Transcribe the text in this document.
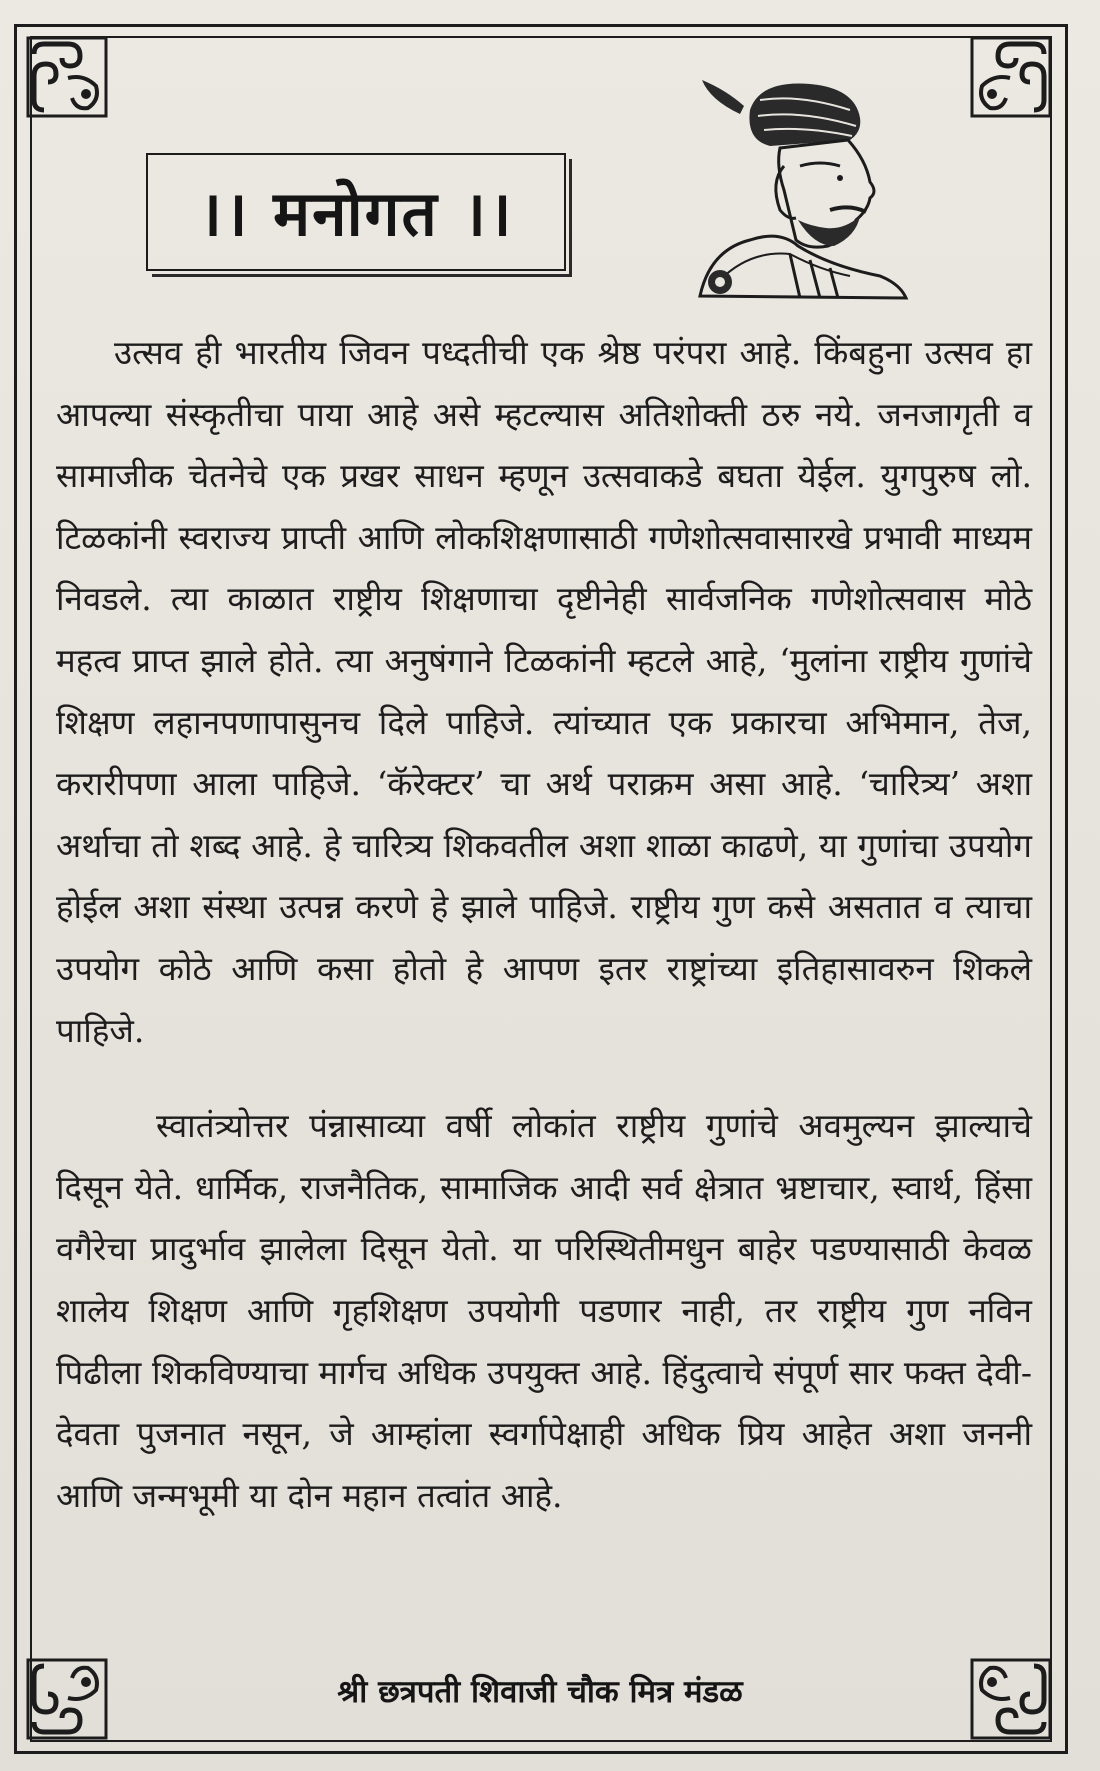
।। मनोगत ।।

उत्सव ही भारतीय जिवन पध्दतीची एक श्रेष्ठ परंपरा आहे. किंबहुना उत्सव हा आपल्या संस्कृतीचा पाया आहे असे म्हटल्यास अतिशोक्ती ठरु नये. जनजागृती व सामाजीक चेतनेचे एक प्रखर साधन म्हणून उत्सवाकडे बघता येईल. युगपुरुष लो. टिळकांनी स्वराज्य प्राप्ती आणि लोकशिक्षणासाठी गणेशोत्सवासारखे प्रभावी माध्यम निवडले. त्या काळात राष्ट्रीय शिक्षणाचा दृष्टीनेही सार्वजनिक गणेशोत्सवास मोठे महत्व प्राप्त झाले होते. त्या अनुषंगाने टिळकांनी म्हटले आहे, ‘मुलांना राष्ट्रीय गुणांचे शिक्षण लहानपणापासुनच दिले पाहिजे. त्यांच्यात एक प्रकारचा अभिमान, तेज, करारीपणा आला पाहिजे. ‘कॅरेक्टर’ चा अर्थ पराक्रम असा आहे. ‘चारित्र्य’ अशा अर्थाचा तो शब्द आहे. हे चारित्र्य शिकवतील अशा शाळा काढणे, या गुणांचा उपयोग होईल अशा संस्था उत्पन्न करणे हे झाले पाहिजे. राष्ट्रीय गुण कसे असतात व त्याचा उपयोग कोठे आणि कसा होतो हे आपण इतर राष्ट्रांच्या इतिहासावरुन शिकले पाहिजे.

स्वातंत्र्योत्तर पंन्नासाव्या वर्षी लोकांत राष्ट्रीय गुणांचे अवमुल्यन झाल्याचे दिसून येते. धार्मिक, राजनैतिक, सामाजिक आदी सर्व क्षेत्रात भ्रष्टाचार, स्वार्थ, हिंसा वगैरेचा प्रादुर्भाव झालेला दिसून येतो. या परिस्थितीमधुन बाहेर पडण्यासाठी केवळ शालेय शिक्षण आणि गृहशिक्षण उपयोगी पडणार नाही, तर राष्ट्रीय गुण नविन पिढीला शिकविण्याचा मार्गच अधिक उपयुक्त आहे. हिंदुत्वाचे संपूर्ण सार फक्त देवी-देवता पुजनात नसून, जे आम्हांला स्वर्गापेक्षाही अधिक प्रिय आहेत अशा जननी आणि जन्मभूमी या दोन महान तत्वांत आहे.

श्री छत्रपती शिवाजी चौक मित्र मंडळ
